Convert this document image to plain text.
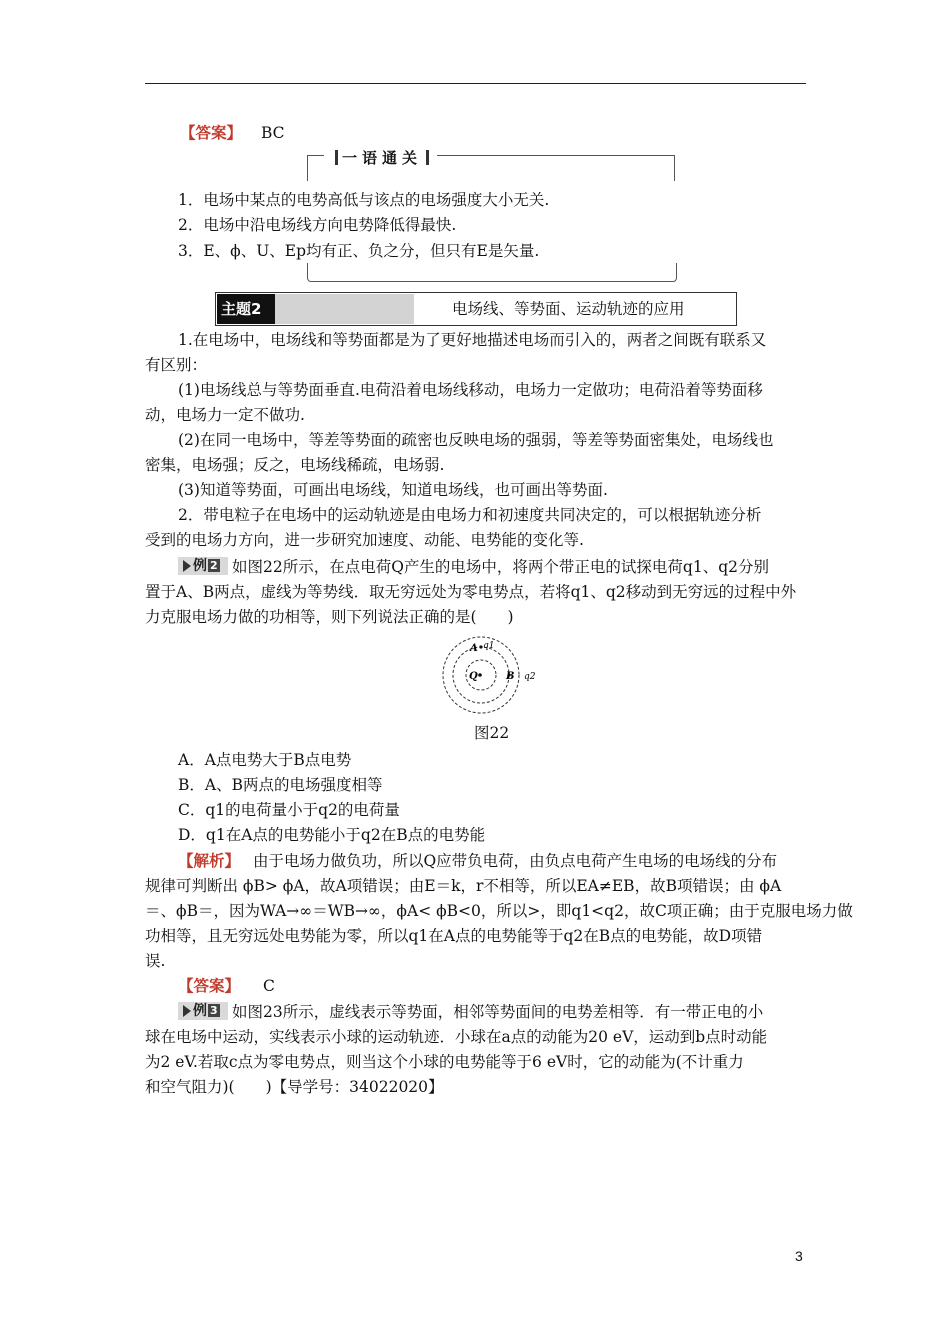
【答案】 BC
一语通关
1．电场中某点的电势高低与该点的电场强度大小无关.
2．电场中沿电场线方向电势降低得最快.
3．E、ϕ、U、Ep均有正、负之分，但只有E是矢量.
主题2	电场线、等势面、运动轨迹的应用
1.在电场中，电场线和等势面都是为了更好地描述电场而引入的，两者之间既有联系又
有区别：
(1)电场线总与等势面垂直.电荷沿着电场线移动，电场力一定做功；电荷沿着等势面移
动，电场力一定不做功.
(2)在同一电场中，等差等势面的疏密也反映电场的强弱，等差等势面密集处，电场线也
密集，电场强；反之，电场线稀疏，电场弱.
(3)知道等势面，可画出电场线，知道电场线，也可画出等势面.
2．带电粒子在电场中的运动轨迹是由电场力和初速度共同决定的，可以根据轨迹分析
受到的电场力方向，进一步研究加速度、动能、电势能的变化等.
例 2 如图22所示，在点电荷Q产生的电场中，将两个带正电的试探电荷q1、q2分别
置于A、B两点，虚线为等势线．取无穷远处为零电势点，若将q1、q2移动到无穷远的过程中外
力克服电场力做的功相等，则下列说法正确的是(　　)
Q
A q1
B q2
图22
A．A点电势大于B点电势
B．A、B两点的电场强度相等
C．q1的电荷量小于q2的电荷量
D．q1在A点的电势能小于q2在B点的电势能
【解析】 由于电场力做负功，所以Q应带负电荷，由负点电荷产生电场的电场线的分布
规律可判断出 ϕB> ϕA，故A项错误；由E＝k，r不相等，所以EA≠EB，故B项错误；由 ϕA
＝、ϕB＝，因为WA→∞＝WB→∞，ϕA< ϕB<0，所以>，即q1<q2，故C项正确；由于克服电场力做
功相等，且无穷远处电势能为零，所以q1在A点的电势能等于q2在B点的电势能，故D项错
误.
【答案】 C
例 3 如图23所示，虚线表示等势面，相邻等势面间的电势差相等．有一带正电的小
球在电场中运动，实线表示小球的运动轨迹．小球在a点的动能为20 eV，运动到b点时动能
为2 eV.若取c点为零电势点，则当这个小球的电势能等于6 eV时，它的动能为(不计重力
和空气阻力)(　　)【导学号：34022020】
3
